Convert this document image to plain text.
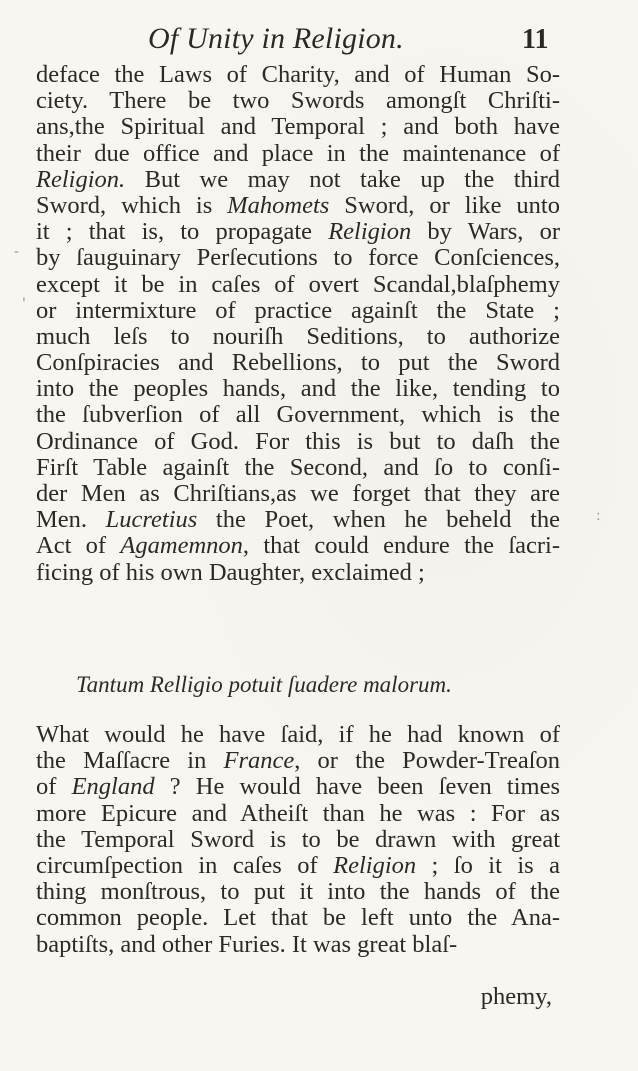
Of Unity in Religion.	11
deface the Laws of Charity, and of Human So-
ciety. There be two Swords amongſt Chriſti-
ans,the Spiritual and Temporal ; and both have
their due office and place in the maintenance of
Religion. But we may not take up the third
Sword, which is Mahomets Sword, or like unto
it ; that is, to propagate Religion by Wars, or
by ſauguinary Perſecutions to force Conſciences,
except it be in caſes of overt Scandal,blaſphemy
or intermixture of practice againſt the State ;
much leſs to nouriſh Seditions, to authorize
Conſpiracies and Rebellions, to put the Sword
into the peoples hands, and the like, tending to
the ſubverſion of all Government, which is the
Ordinance of God. For this is but to daſh the
Firſt Table againſt the Second, and ſo to conſi-
der Men as Chriſtians,as we forget that they are
Men. Lucretius the Poet, when he beheld the
Act of Agamemnon, that could endure the ſacri-
ficing of his own Daughter, exclaimed ;
Tantum Relligio potuit ſuadere malorum.
What would he have ſaid, if he had known of
the Maſſacre in France, or the Powder-Treaſon
of England ? He would have been ſeven times
more Epicure and Atheiſt than he was : For as
the Temporal Sword is to be drawn with great
circumſpection in caſes of Religion ; ſo it is a
thing monſtrous, to put it into the hands of the
common people. Let that be left unto the Ana-
baptiſts, and other Furies. It was great blaſ-
phemy,
-
'
:
